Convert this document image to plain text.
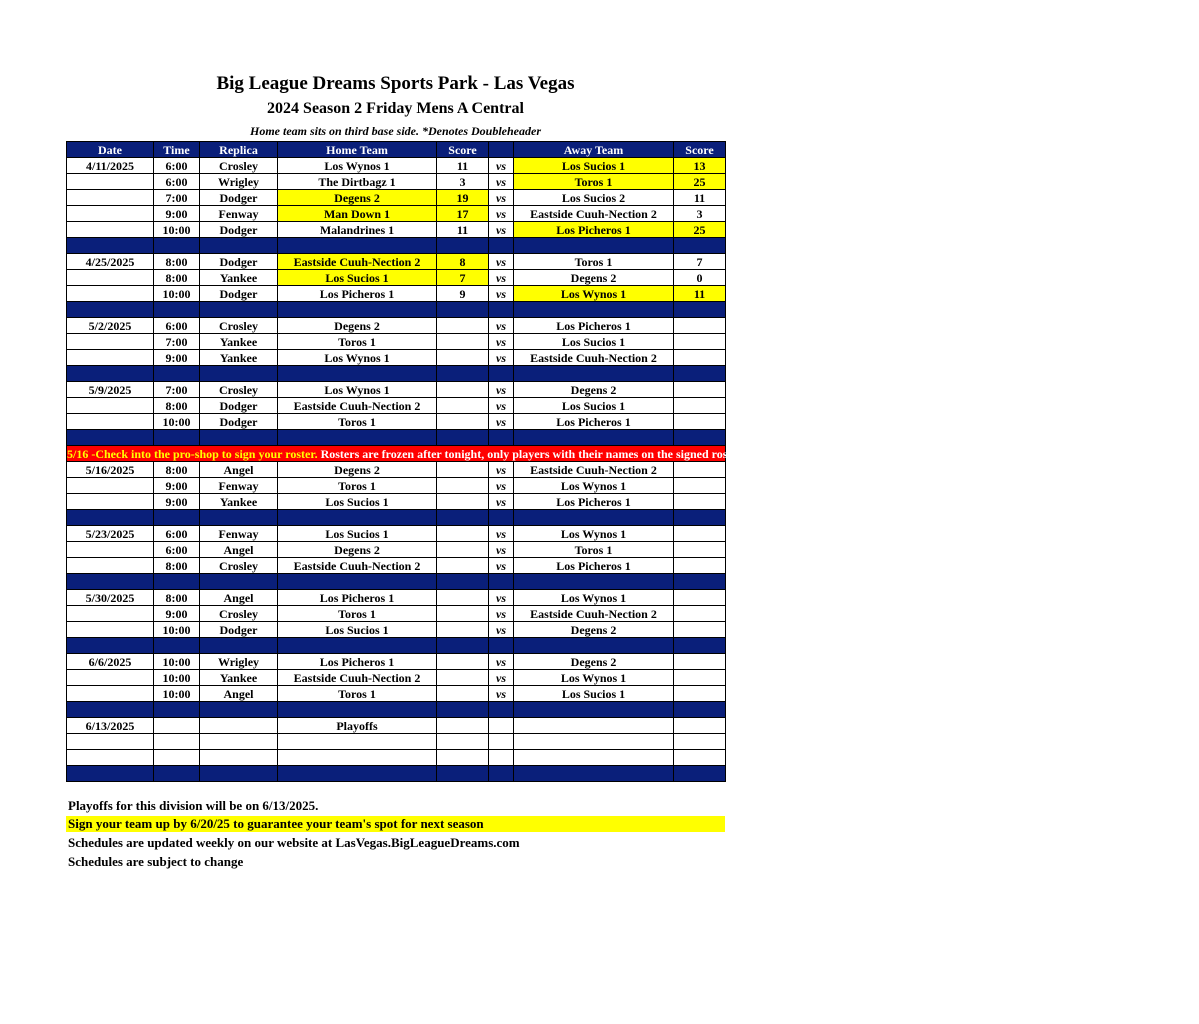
Big League Dreams Sports Park - Las Vegas
2024 Season 2 Friday Mens A Central
Home team sits on third base side. *Denotes Doubleheader
Date	Time	Replica	Home Team	Score		Away Team	Score
4/11/2025	6:00	Crosley	Los Wynos 1	11	vs	Los Sucios 1	13
	6:00	Wrigley	The Dirtbagz 1	3	vs	Toros 1	25
	7:00	Dodger	Degens 2	19	vs	Los Sucios 2	11
	9:00	Fenway	Man Down 1	17	vs	Eastside Cuuh-Nection 2	3
	10:00	Dodger	Malandrines 1	11	vs	Los Picheros 1	25

4/25/2025	8:00	Dodger	Eastside Cuuh-Nection 2	8	vs	Toros 1	7
	8:00	Yankee	Los Sucios 1	7	vs	Degens 2	0
	10:00	Dodger	Los Picheros 1	9	vs	Los Wynos 1	11

5/2/2025	6:00	Crosley	Degens 2		vs	Los Picheros 1	
	7:00	Yankee	Toros 1		vs	Los Sucios 1	
	9:00	Yankee	Los Wynos 1		vs	Eastside Cuuh-Nection 2	

5/9/2025	7:00	Crosley	Los Wynos 1		vs	Degens 2	
	8:00	Dodger	Eastside Cuuh-Nection 2		vs	Los Sucios 1	
	10:00	Dodger	Toros 1		vs	Los Picheros 1	

5/16 -Check into the pro-shop to sign your roster. Rosters are frozen after tonight, only players with their names on the signed roster are eligible for playoffs. Please check carefully as changes will not be made for omissions.							
5/16/2025	8:00	Angel	Degens 2		vs	Eastside Cuuh-Nection 2	
	9:00	Fenway	Toros 1		vs	Los Wynos 1	
	9:00	Yankee	Los Sucios 1		vs	Los Picheros 1	

5/23/2025	6:00	Fenway	Los Sucios 1		vs	Los Wynos 1	
	6:00	Angel	Degens 2		vs	Toros 1	
	8:00	Crosley	Eastside Cuuh-Nection 2		vs	Los Picheros 1	

5/30/2025	8:00	Angel	Los Picheros 1		vs	Los Wynos 1	
	9:00	Crosley	Toros 1		vs	Eastside Cuuh-Nection 2	
	10:00	Dodger	Los Sucios 1		vs	Degens 2	

6/6/2025	10:00	Wrigley	Los Picheros 1		vs	Degens 2	
	10:00	Yankee	Eastside Cuuh-Nection 2		vs	Los Wynos 1	
	10:00	Angel	Toros 1		vs	Los Sucios 1	

6/13/2025			Playoffs				

Playoffs for this division will be on 6/13/2025.
Sign your team up by 6/20/25 to guarantee your team's spot for next season
Schedules are updated weekly on our website at LasVegas.BigLeagueDreams.com
Schedules are subject to change
